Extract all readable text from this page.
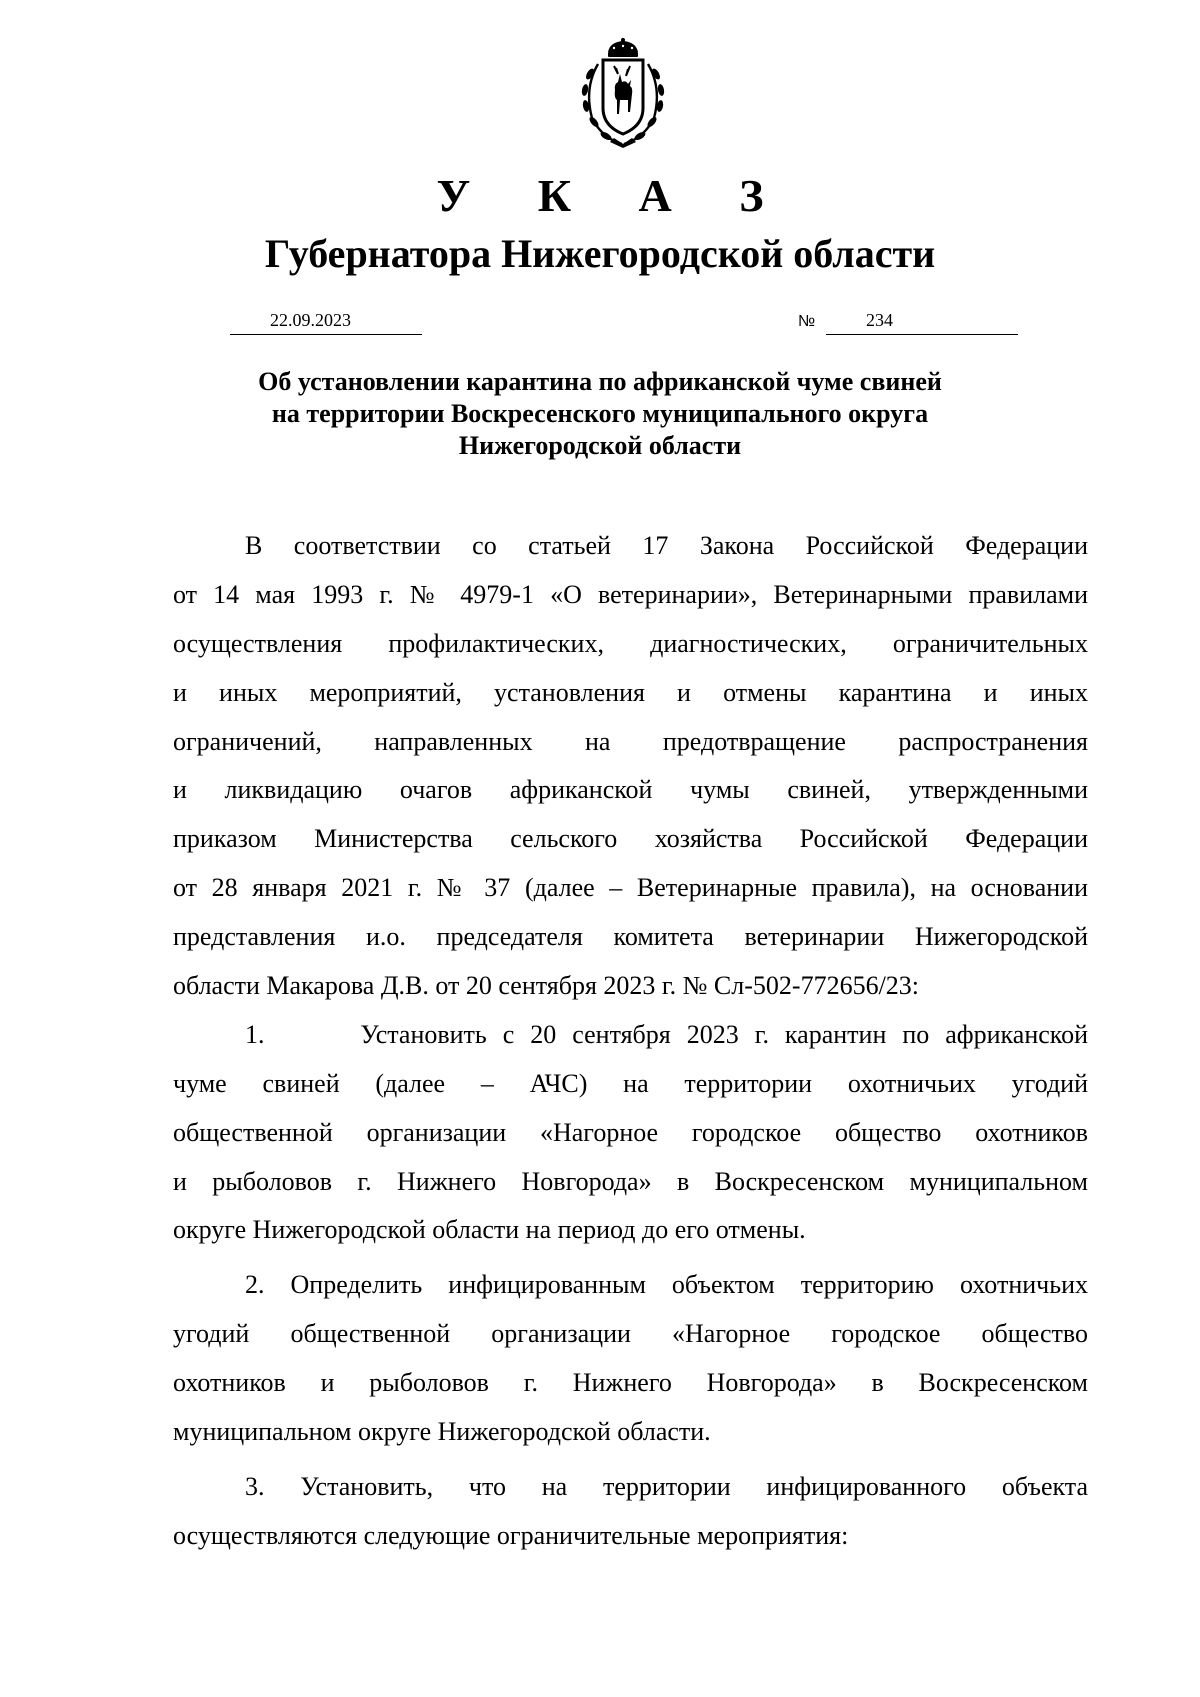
У К А З
Губернатора Нижегородской области
22.09.2023	№	234
Об установлении карантина по африканской чуме свиней
на территории Воскресенского муниципального округа
Нижегородской области
В соответствии со статьей 17 Закона Российской Федерации
от 14 мая 1993 г. № 4979-1 «О ветеринарии», Ветеринарными правилами
осуществления профилактических, диагностических, ограничительных
и иных мероприятий, установления и отмены карантина и иных
ограничений, направленных на предотвращение распространения
и ликвидацию очагов африканской чумы свиней, утвержденными
приказом Министерства сельского хозяйства Российской Федерации
от 28 января 2021 г. № 37 (далее – Ветеринарные правила), на основании
представления и.о. председателя комитета ветеринарии Нижегородской
области Макарова Д.В. от 20 сентября 2023 г. № Сл-502-772656/23:
1.      Установить с 20 сентября 2023 г. карантин по африканской
чуме свиней (далее – АЧС) на территории охотничьих угодий
общественной организации «Нагорное городское общество охотников
и рыболовов г. Нижнего Новгорода» в Воскресенском муниципальном
округе Нижегородской области на период до его отмены.
2. Определить инфицированным объектом территорию охотничьих
угодий общественной организации «Нагорное городское общество
охотников и рыболовов г. Нижнего Новгорода» в Воскресенском
муниципальном округе Нижегородской области.
3. Установить, что на территории инфицированного объекта
осуществляются следующие ограничительные мероприятия:
